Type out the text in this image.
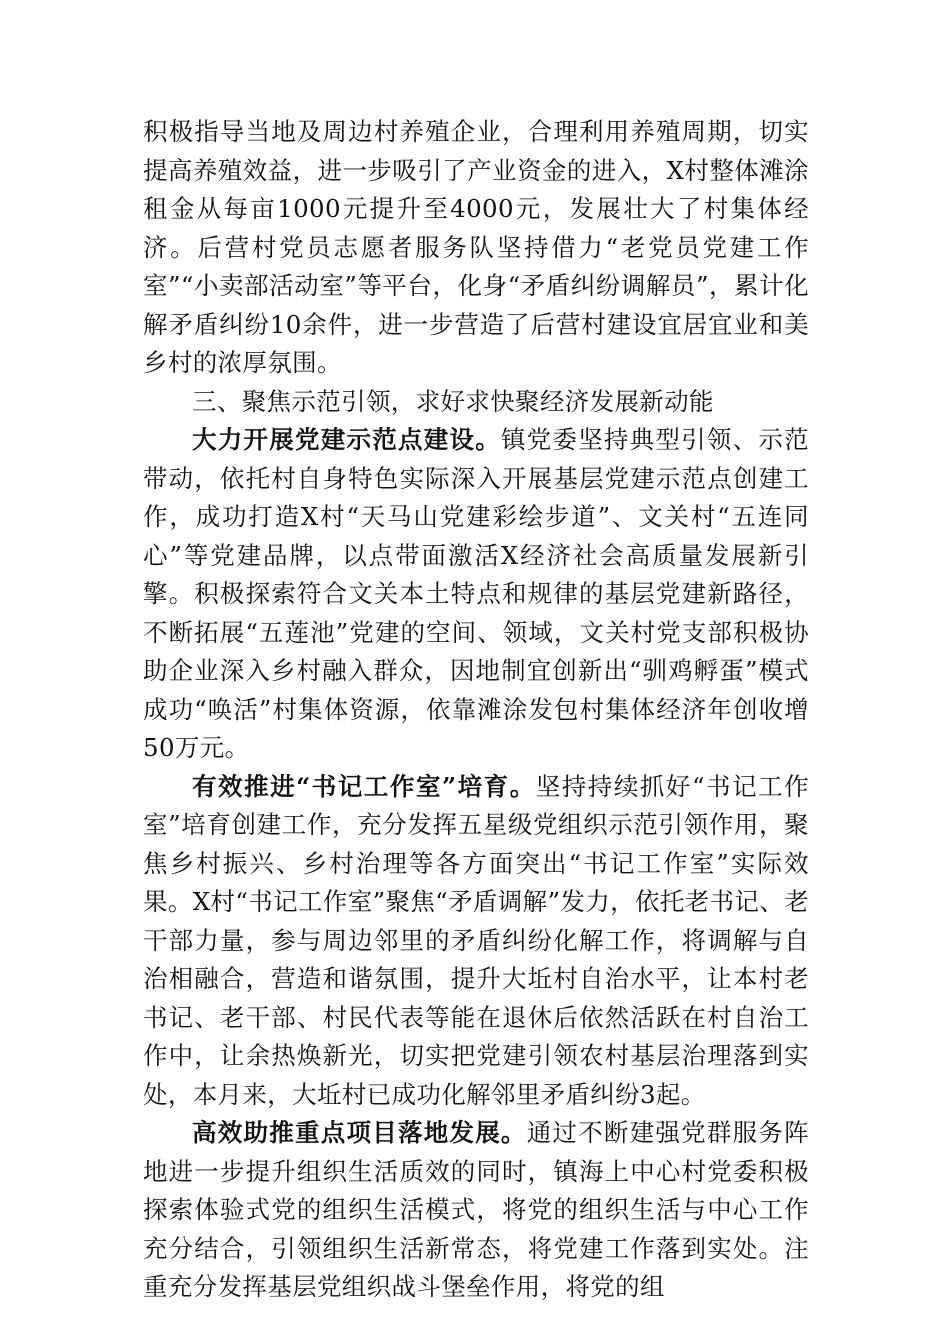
积极指导当地及周边村养殖企业，合理利用养殖周期，切实提高养殖效益，进一步吸引了产业资金的进入，X村整体滩涂租金从每亩1000元提升至4000元，发展壮大了村集体经济。后营村党员志愿者服务队坚持借力“老党员党建工作室”“小卖部活动室”等平台，化身“矛盾纠纷调解员”，累计化解矛盾纠纷10余件，进一步营造了后营村建设宜居宜业和美乡村的浓厚氛围。

三、聚焦示范引领，求好求快聚经济发展新动能

大力开展党建示范点建设。镇党委坚持典型引领、示范带动，依托村自身特色实际深入开展基层党建示范点创建工作，成功打造X村“天马山党建彩绘步道”、文关村“五连同心”等党建品牌，以点带面激活X经济社会高质量发展新引擎。积极探索符合文关本土特点和规律的基层党建新路径，不断拓展“五莲池”党建的空间、领域，文关村党支部积极协助企业深入乡村融入群众，因地制宜创新出“驯鸡孵蛋”模式成功“唤活”村集体资源，依靠滩涂发包村集体经济年创收增50万元。

有效推进“书记工作室”培育。坚持持续抓好“书记工作室”培育创建工作，充分发挥五星级党组织示范引领作用，聚焦乡村振兴、乡村治理等各方面突出“书记工作室”实际效果。X村“书记工作室”聚焦“矛盾调解”发力，依托老书记、老干部力量，参与周边邻里的矛盾纠纷化解工作，将调解与自治相融合，营造和谐氛围，提升大坵村自治水平，让本村老书记、老干部、村民代表等能在退休后依然活跃在村自治工作中，让余热焕新光，切实把党建引领农村基层治理落到实处，本月来，大坵村已成功化解邻里矛盾纠纷3起。

高效助推重点项目落地发展。通过不断建强党群服务阵地进一步提升组织生活质效的同时，镇海上中心村党委积极探索体验式党的组织生活模式，将党的组织生活与中心工作充分结合，引领组织生活新常态，将党建工作落到实处。注重充分发挥基层党组织战斗堡垒作用，将党的组
